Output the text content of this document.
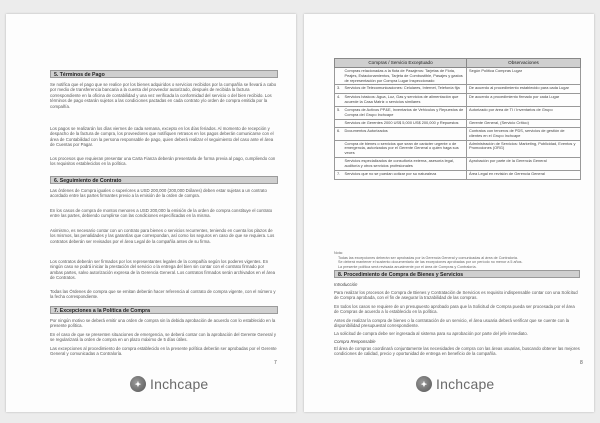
5. Términos de Pago
Se notifica que el pago que se realice por los bienes adquiridos o servicios recibidos por la compañía se llevará a cabo por medio de transferencia bancaria a la cuenta del proveedor autorizado, después de recibida la factura correspondiente en la oficina de contabilidad y una vez verificada la conformidad del servicio o del bien recibido. Los términos de pago estarán sujetos a las condiciones pactadas en cada contrato y/o orden de compra emitida por la compañía.
Los pagos se realizarán los días viernes de cada semana, excepto en los días feriados. Al momento de recepción y despacho de la factura de compra, los proveedores que notifiquen retrasos en los pagos deberán comunicarse con el área de Contabilidad con la persona responsable de pago, quien deberá realizar el seguimiento del caso ante el área de Cuentas por Pagar.
Los procesos que requieran presentar una Carta Fianza deberán presentarla de forma previa al pago, cumpliendo con los requisitos establecidos en la política.
6. Seguimiento de Contrato
Las órdenes de Compra iguales o superiores a USD 200,000 (200,000 Dólares) deben estar sujetas a un contrato acordado entre las partes firmantes previo a la emisión de la orden de compra.
En los casos de compra de montos menores a USD 200,000 la emisión de la orden de compra constituye el contrato entre las partes, debiendo cumplirse con las condiciones especificadas en la misma.
Asimismo, es necesario contar con un contrato para bienes o servicios recurrentes, teniendo en cuenta los plazos de los mismos, las penalidades y las garantías que correspondan, así como los seguros en caso de que se requiera. Los contratos deberán ser revisados por el área Legal de la compañía antes de su firma.
Los contratos deberán ser firmados por los representantes legales de la compañía según los poderes vigentes. En ningún caso se podrá iniciar la prestación del servicio o la entrega del bien sin contar con el contrato firmado por ambas partes, salvo autorización expresa de la Gerencia General. Los contratos firmados serán archivados en el área de Contratos.
Todas las Órdenes de compra que se emitan deberán hacer referencia al contrato de compra vigente, con el número y la fecha correspondiente.
7. Excepciones a la Política de Compra
Por ningún motivo se deberá emitir una orden de compra sin la debida aprobación de acuerdo con lo establecido en la presente política.
En el caso de que se presenten situaciones de emergencia, se deberá contar con la aprobación del Gerente General y se regularizará la orden de compra en un plazo máximo de 5 días útiles.
Las excepciones al procedimiento de compra establecido en la presente política deberán ser aprobadas por el Gerente General y comunicadas a Contraloría.
7
✦ Inchcape
Compras / Servicio Exceptuado		Observaciones
	Compras relacionadas a la flota de Pasajeros: Tarjetas de Flota, Peajes, Estacionamientos, Tarjeta de Combustible, Pasajes y gastos de representación por Compra Lugar Inspeccionado	Según Política Compras Lugar
3.	Servicios de Telecomunicaciones: Celulares, Internet, Telefonía fija	De acuerdo al procedimiento establecido para cada Lugar
4.	Servicios básicos: Agua, Luz, Gas y servicios de alimentación que acuerde la Casa Matriz o servicios similares	De acuerdo a procedimiento firmado por cada Lugar
5.	Compras de Activos PP&E, Inventarios de Vehículos y Repuestos de Compra del Grupo Inchcape	Autorizado por área de TI / Inventarios de Grupo
	Servicios de Gerentes 2000 US$ 5,000 US$ 200,000 y Repuestos	Gerente General, (Servicio Crítico)
6.	Documentos Autorizados	Contratos con terceros de PDS, servicios de gestión de clientes en el Grupo Inchcape
	Compra de bienes o servicios que sean de carácter urgente o de emergencia, autorizados por el Gerente General o quien haga sus veces	Administración de Servicios: Marketing, Publicidad, Eventos y Promociones (ORG)
	Servicios especializados de consultoría externa, asesoría legal, auditoría y otros servicios profesionales	Aprobación por parte de la Gerencia General
7.	Servicios que no se puedan cotizar por su naturaleza	Área Legal en revisión de Gerencia General
Nota:
Todas las excepciones deberán ser aprobadas por la Gerencia General y comunicadas al área de Contraloría.
Se deberá mantener el sustento documentario de las excepciones aprobadas por un período no menor a 5 años.
La presente política será revisada anualmente por el área de Compras y Contraloría.
8. Procedimiento de Compra de Bienes y Servicios
Introducción
Para realizar los procesos de Compra de Bienes y Contratación de Servicios es requisito indispensable contar con una Solicitud de Compra aprobada, con el fin de asegurar la trazabilidad de las compras.
En todos los casos se requiere de un presupuesto aprobado para que la Solicitud de Compra pueda ser procesada por el área de Compras de acuerdo a lo establecido en la política.
Antes de realizar la compra de bienes o la contratación de un servicio, el área usuaria deberá verificar que se cuente con la disponibilidad presupuestal correspondiente.
La solicitud de compra debe ser ingresada al sistema para su aprobación por parte del jefe inmediato.
Compra Responsable
El área de compras coordinará conjuntamente las necesidades de compra con las áreas usuarias, buscando obtener las mejores condiciones de calidad, precio y oportunidad de entrega en beneficio de la compañía.
8
✦ Inchcape
